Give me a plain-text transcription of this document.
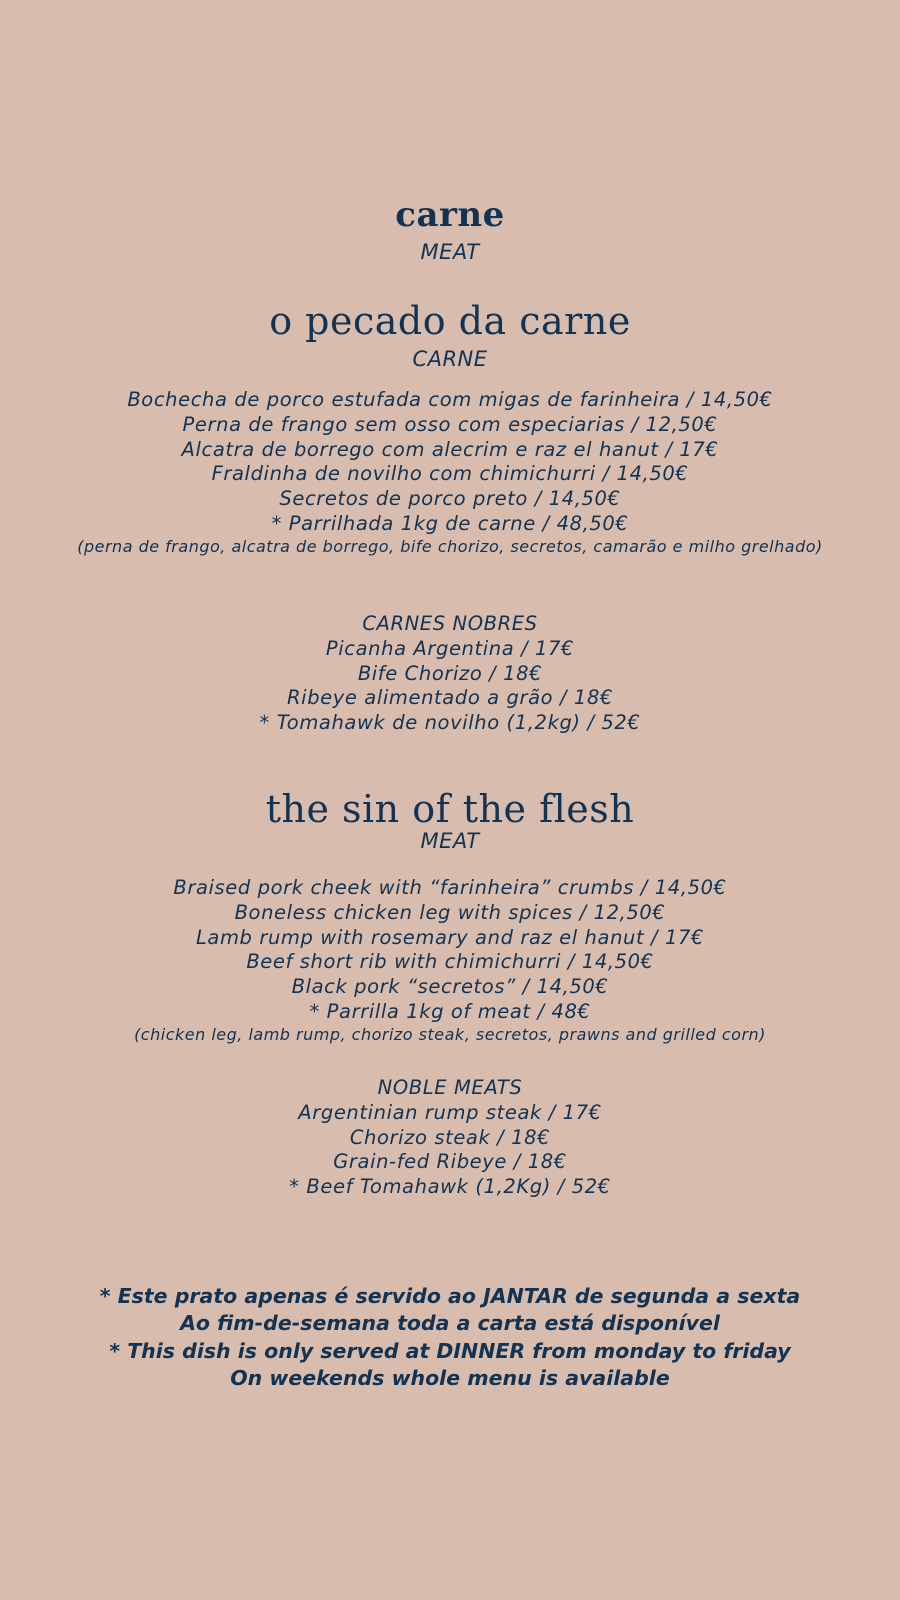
carne
MEAT
o pecado da carne
CARNE
Bochecha de porco estufada com migas de farinheira / 14,50€
Perna de frango sem osso com especiarias / 12,50€
Alcatra de borrego com alecrim e raz el hanut / 17€
Fraldinha de novilho com chimichurri / 14,50€
Secretos de porco preto / 14,50€
* Parrilhada 1kg de carne / 48,50€
(perna de frango, alcatra de borrego, bife chorizo, secretos, camarão e milho grelhado)
CARNES NOBRES
Picanha Argentina / 17€
Bife Chorizo / 18€
Ribeye alimentado a grão / 18€
* Tomahawk de novilho (1,2kg) / 52€
the sin of the flesh
MEAT
Braised pork cheek with “farinheira” crumbs / 14,50€
Boneless chicken leg with spices / 12,50€
Lamb rump with rosemary and raz el hanut / 17€
Beef short rib with chimichurri / 14,50€
Black pork “secretos” / 14,50€
* Parrilla 1kg of meat / 48€
(chicken leg, lamb rump, chorizo steak, secretos, prawns and grilled corn)
NOBLE MEATS
Argentinian rump steak / 17€
Chorizo steak / 18€
Grain-fed Ribeye / 18€
* Beef Tomahawk (1,2Kg) / 52€
* Este prato apenas é servido ao JANTAR de segunda a sexta
Ao fim-de-semana toda a carta está disponível
* This dish is only served at DINNER from monday to friday
On weekends whole menu is available
